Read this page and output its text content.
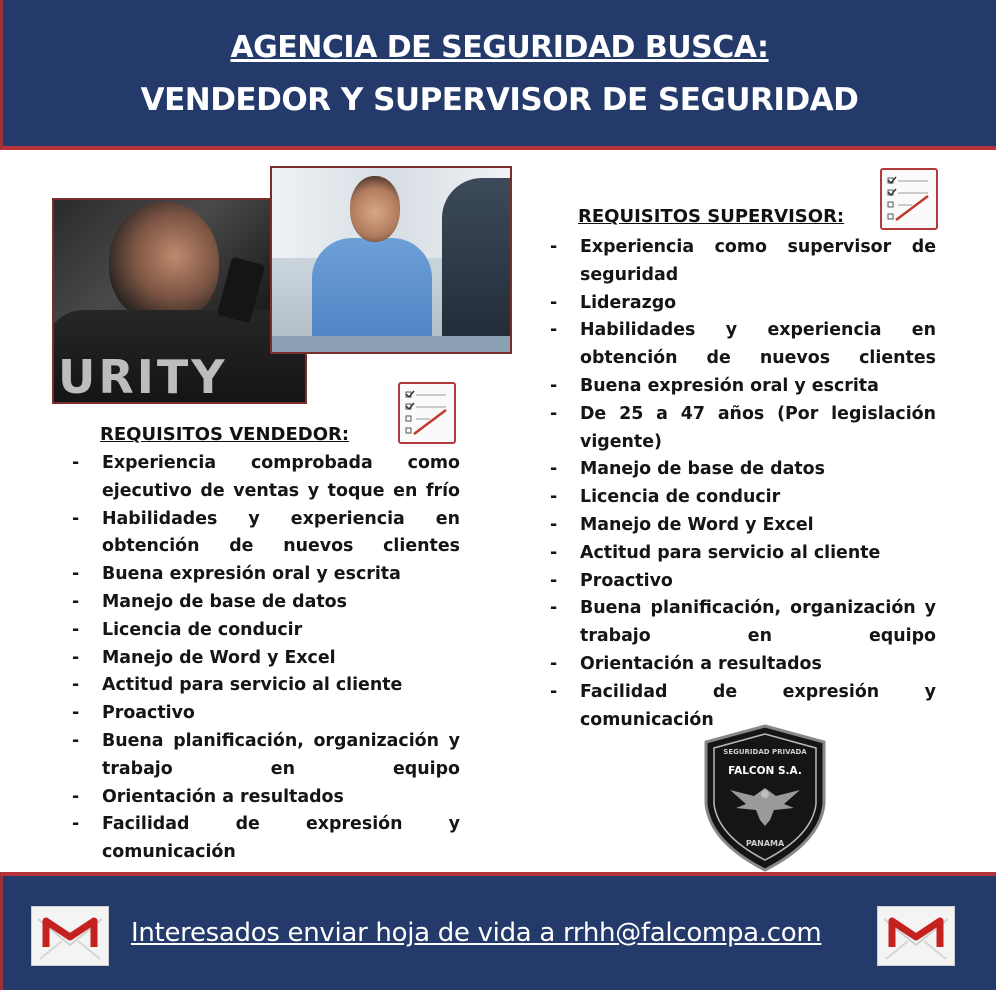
AGENCIA DE SEGURIDAD BUSCA:
VENDEDOR Y SUPERVISOR DE SEGURIDAD
URITY
REQUISITOS SUPERVISOR:
- Experiencia como supervisor de seguridad
- Liderazgo
- Habilidades y experiencia en obtención de nuevos clientes
- Buena expresión oral y escrita
- De 25 a 47 años (Por legislación vigente)
- Manejo de base de datos
- Licencia de conducir
- Manejo de Word y Excel
- Actitud para servicio al cliente
- Proactivo
- Buena planificación, organización y trabajo en equipo
- Orientación a resultados
- Facilidad de expresión y comunicación
REQUISITOS VENDEDOR:
- Experiencia comprobada como ejecutivo de ventas y toque en frío
- Habilidades y experiencia en obtención de nuevos clientes
- Buena expresión oral y escrita
- Manejo de base de datos
- Licencia de conducir
- Manejo de Word y Excel
- Actitud para servicio al cliente
- Proactivo
- Buena planificación, organización y trabajo en equipo
- Orientación a resultados
- Facilidad de expresión y comunicación
SEGURIDAD PRIVADA
FALCON S.A.
PANAMA
Interesados enviar hoja de vida a rrhh@falcompa.com
